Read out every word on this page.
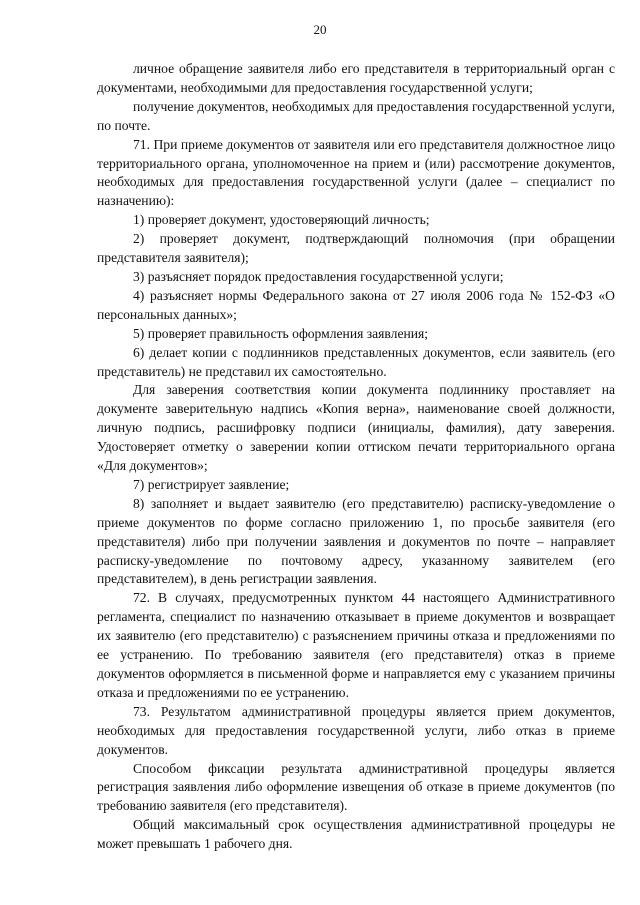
20

личное обращение заявителя либо его представителя в территориальный орган с документами, необходимыми для предоставления государственной услуги;

получение документов, необходимых для предоставления государственной услуги, по почте.

71. При приеме документов от заявителя или его представителя должностное лицо территориального органа, уполномоченное на прием и (или) рассмотрение документов, необходимых для предоставления государственной услуги (далее – специалист по назначению):

1) проверяет документ, удостоверяющий личность;

2) проверяет документ, подтверждающий полномочия (при обращении представителя заявителя);

3) разъясняет порядок предоставления государственной услуги;

4) разъясняет нормы Федерального закона от 27 июля 2006 года № 152-ФЗ «О персональных данных»;

5) проверяет правильность оформления заявления;

6) делает копии с подлинников представленных документов, если заявитель (его представитель) не представил их самостоятельно.

Для заверения соответствия копии документа подлиннику проставляет на документе заверительную надпись «Копия верна», наименование своей должности, личную подпись, расшифровку подписи (инициалы, фамилия), дату заверения. Удостоверяет отметку о заверении копии оттиском печати территориального органа «Для документов»;

7) регистрирует заявление;

8) заполняет и выдает заявителю (его представителю) расписку-уведомление о приеме документов по форме согласно приложению 1, по просьбе заявителя (его представителя) либо при получении заявления и документов по почте – направляет расписку-уведомление по почтовому адресу, указанному заявителем (его представителем), в день регистрации заявления.

72. В случаях, предусмотренных пунктом 44 настоящего Административного регламента, специалист по назначению отказывает в приеме документов и возвращает их заявителю (его представителю) с разъяснением причины отказа и предложениями по ее устранению. По требованию заявителя (его представителя) отказ в приеме документов оформляется в письменной форме и направляется ему с указанием причины отказа и предложениями по ее устранению.

73. Результатом административной процедуры является прием документов, необходимых для предоставления государственной услуги, либо отказ в приеме документов.

Способом фиксации результата административной процедуры является регистрация заявления либо оформление извещения об отказе в приеме документов (по требованию заявителя (его представителя).

Общий максимальный срок осуществления административной процедуры не может превышать 1 рабочего дня.
